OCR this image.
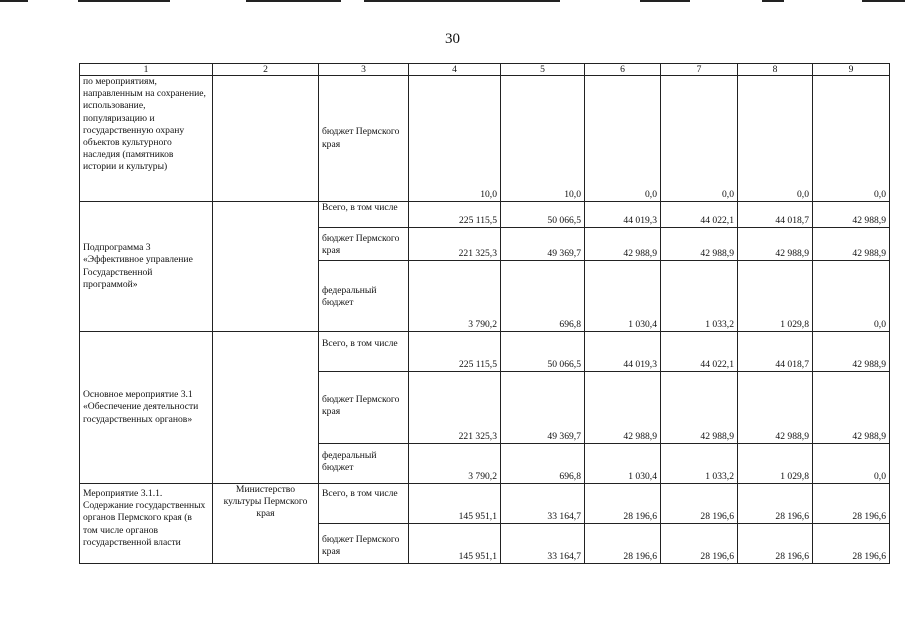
30
1	2	3	4	5	6	7	8	9
по мероприятиям, направленным на сохранение, использование, популяризацию и государственную охрану объектов культурного наследия (памятников истории и культуры)		бюджет Пермского края	10,0	10,0	0,0	0,0	0,0	0,0
Подпрограмма 3 «Эффективное управление Государственной программой»		Всего, в том числе	225 115,5	50 066,5	44 019,3	44 022,1	44 018,7	42 988,9
		бюджет Пермского края	221 325,3	49 369,7	42 988,9	42 988,9	42 988,9	42 988,9
		федеральный бюджет	3 790,2	696,8	1 030,4	1 033,2	1 029,8	0,0
Основное мероприятие 3.1 «Обеспечение деятельности государственных органов»		Всего, в том числе	225 115,5	50 066,5	44 019,3	44 022,1	44 018,7	42 988,9
		бюджет Пермского края	221 325,3	49 369,7	42 988,9	42 988,9	42 988,9	42 988,9
		федеральный бюджет	3 790,2	696,8	1 030,4	1 033,2	1 029,8	0,0
Мероприятие 3.1.1. Содержание государственных органов Пермского края (в том числе органов государственной власти	Министерство культуры Пермского края	Всего, в том числе	145 951,1	33 164,7	28 196,6	28 196,6	28 196,6	28 196,6
		бюджет Пермского края	145 951,1	33 164,7	28 196,6	28 196,6	28 196,6	28 196,6
